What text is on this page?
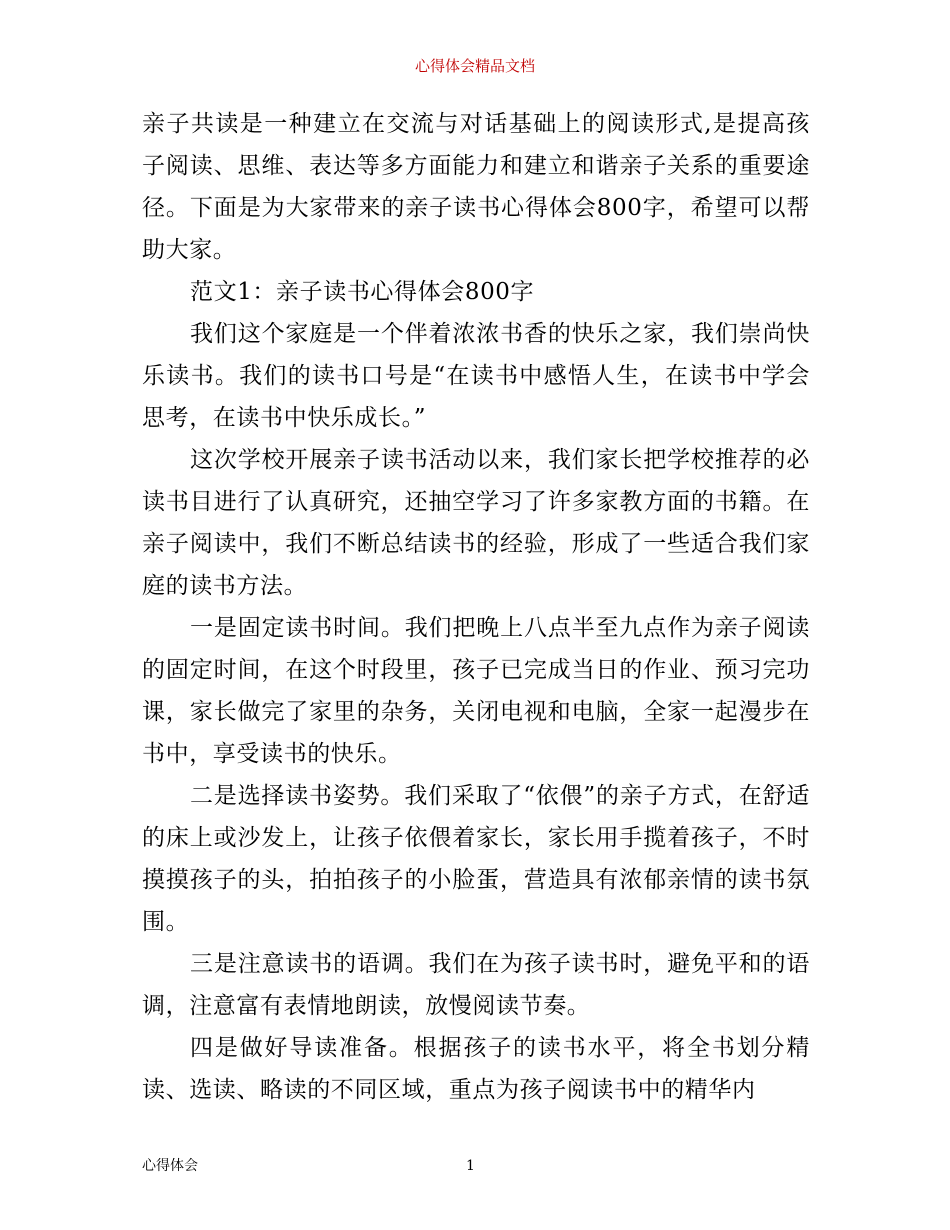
心得体会精品文档

亲子共读是一种建立在交流与对话基础上的阅读形式,是提高孩子阅读、思维、表达等多方面能力和建立和谐亲子关系的重要途径。下面是为大家带来的亲子读书心得体会800字，希望可以帮助大家。

范文1：亲子读书心得体会800字

我们这个家庭是一个伴着浓浓书香的快乐之家，我们崇尚快乐读书。我们的读书口号是“在读书中感悟人生，在读书中学会思考，在读书中快乐成长。”

这次学校开展亲子读书活动以来，我们家长把学校推荐的必读书目进行了认真研究，还抽空学习了许多家教方面的书籍。在亲子阅读中，我们不断总结读书的经验，形成了一些适合我们家庭的读书方法。

一是固定读书时间。我们把晚上八点半至九点作为亲子阅读的固定时间，在这个时段里，孩子已完成当日的作业、预习完功课，家长做完了家里的杂务，关闭电视和电脑，全家一起漫步在书中，享受读书的快乐。

二是选择读书姿势。我们采取了“依偎”的亲子方式，在舒适的床上或沙发上，让孩子依偎着家长，家长用手揽着孩子，不时摸摸孩子的头，拍拍孩子的小脸蛋，营造具有浓郁亲情的读书氛围。

三是注意读书的语调。我们在为孩子读书时，避免平和的语调，注意富有表情地朗读，放慢阅读节奏。

四是做好导读准备。根据孩子的读书水平，将全书划分精读、选读、略读的不同区域，重点为孩子阅读书中的精华内

心得体会	1
